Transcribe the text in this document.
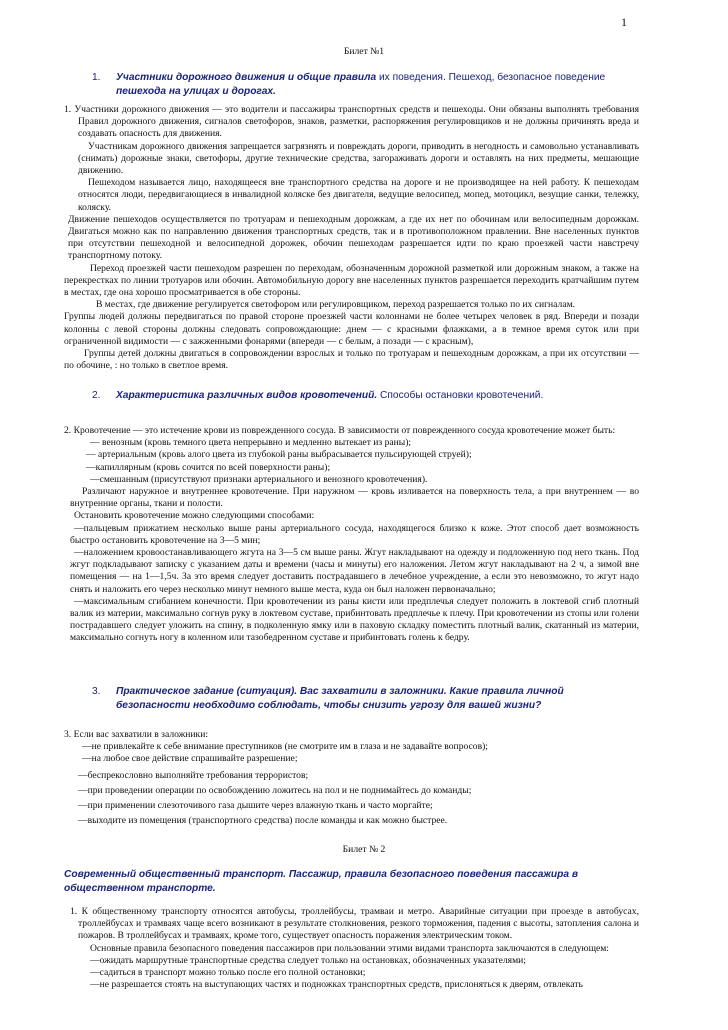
1
Билет №1
1. Участники дорожного движения и общие правила их поведения. Пешеход, безопасное поведение
пешехода на улицах и дорогах.

1. Участники дорожного движения — это водители и пассажиры транспортных средств и пешеходы. Они обязаны выполнять требования Правил дорожного движения, сигналов светофоров, знаков, разметки, распоряжения регулировщиков и не должны причинять вреда и создавать опасность для движения.

Участникам дорожного движения запрещается загрязнять и повреждать дороги, приводить в негодность и самовольно устанавливать (снимать) дорожные знаки, светофоры, другие технические средства, загораживать дороги и оставлять на них предметы, мешающие движению.

Пешеходом называется лицо, находящееся вне транспортного средства на дороге и не производящее на ней работу. К пешеходам относятся люди, передвигающиеся в инвалидной коляске без двигателя, ведущие велосипед, мопед, мотоцикл, везущие санки, тележку, коляску.

Движение пешеходов осуществляется по тротуарам и пешеходным дорожкам, а где их нет по обочинам или велосипедным дорожкам. Двигаться можно как по направлению движения транспортных средств, так и в противоположном правлении. Вне населенных пунктов при отсутствии пешеходной и велосипедной дорожек, обочин пешеходам разрешается идти по краю проезжей части навстречу транспортному потоку.

Переход проезжей части пешеходом разрешен по переходам, обозначенным дорожной разметкой или дорожным знаком, а также на перекрестках по линии тротуаров или обочин. Автомобильную дорогу вне населенных пунктов разрешается переходить кратчайшим путем в местах, где она хорошо просматривается в обе стороны.

В местах, где движение регулируется светофором или регулировщиком, переход разрешается только по их сигналам.

Группы людей должны передвигаться по правой стороне проезжей части колоннами не более четырех человек в ряд. Впереди и позади колонны с левой стороны должны следовать сопровождающие: днем — с красными флажками, а в темное время суток или при ограниченной видимости — с зажженными фонарями (впереди — с белым, а позади — с красным),

Группы детей должны двигаться в сопровождении взрослых и только по тротуарам и пешеходным дорожкам, а при их отсутствии — по обочине, : но только в светлое время.

2. Характеристика различных видов кровотечений. Способы остановки кровотечений.

2. Кровотечение — это истечение крови из поврежденного сосуда. В зависимости от поврежденного сосуда кровотечение может быть:

— венозным (кровь темного цвета непрерывно и медленно вытекает из раны);

— артериальным (кровь алого цвета из глубокой раны выбрасывается пульсирующей струей);

—капиллярным (кровь сочится по всей поверхности раны);

—смешанным (присутствуют признаки артериального и венозного кровотечения).

Различают наружное и внутреннее кровотечение. При наружном — кровь изливается на поверхность тела, а при внутреннем — во внутренние органы, ткани и полости.

Остановить кровотечение можно следующими способами:

—пальцевым прижатием несколько выше раны артериального сосуда, находящегося близко к коже. Этот способ дает возможность быстро остановить кровотечение на 3—5 мин;

—наложением кровоостанавливающего жгута на 3—5 см выше раны. Жгут накладывают на одежду и подложенную под него ткань. Под жгут подкладывают записку с указанием даты и времени (часы и минуты) его наложения. Летом жгут накладывают на 2 ч, а зимой вне помещения — на 1—1,5ч. За это время следует доставить пострадавшего в лечебное учреждение, а если это невозможно, то жгут надо снять и наложить его через несколько минут немного выше места, куда он был наложен первоначально;

—максимальным сгибанием конечности. При кровотечении из раны кисти или предплечья следует положить в локтевой сгиб плотный валик из материи, максимально согнув руку в локтевом суставе, прибинтовать предплечье к плечу. При кровотечении из стопы или голени пострадавшего следует уложить на спину, в подколенную ямку или в паховую складку поместить плотный валик, скатанный из материи, максимально согнуть ногу в коленном или тазобедренном суставе и прибинтовать голень к бедру.

3. Практическое задание (ситуация). Вас захватили в заложники. Какие правила личной
безопасности необходимо соблюдать, чтобы снизить угрозу для вашей жизни?

3. Если вас захватили в заложники:

—не привлекайте к себе внимание преступников (не смотрите им в глаза и не задавайте вопросов);

—на любое свое действие спрашивайте разрешение;

—беспрекословно выполняйте требования террористов;

—при проведении операции по освобождению ложитесь на пол и не поднимайтесь до команды;

—при применении слезоточивого газа дышите через влажную ткань и часто моргайте;

—выходите из помещения (транспортного средства) после команды и как можно быстрее.

Билет № 2
Современный общественный транспорт. Пассажир, правила безопасного поведения пассажира в
общественном транспорте.

1. К общественному транспорту относятся автобусы, троллейбусы, трамваи и метро. Аварийные ситуации при проезде в автобусах, троллейбусах и трамваях чаще всего возникают в результате столкновения, резкого торможения, падения с высоты, затопления салона и пожаров. В троллейбусах и трамваях, кроме того, существует опасность поражения электрическим током.

Основные правила безопасного поведения пассажиров при пользовании этими видами транспорта заключаются в следующем:

—ожидать маршрутные транспортные средства следует только на остановках, обозначенных указателями;

—садиться в транспорт можно только после его полной остановки;

—не разрешается стоять на выступающих частях и подножках транспортных средств, прислоняться к дверям, отвлекать
